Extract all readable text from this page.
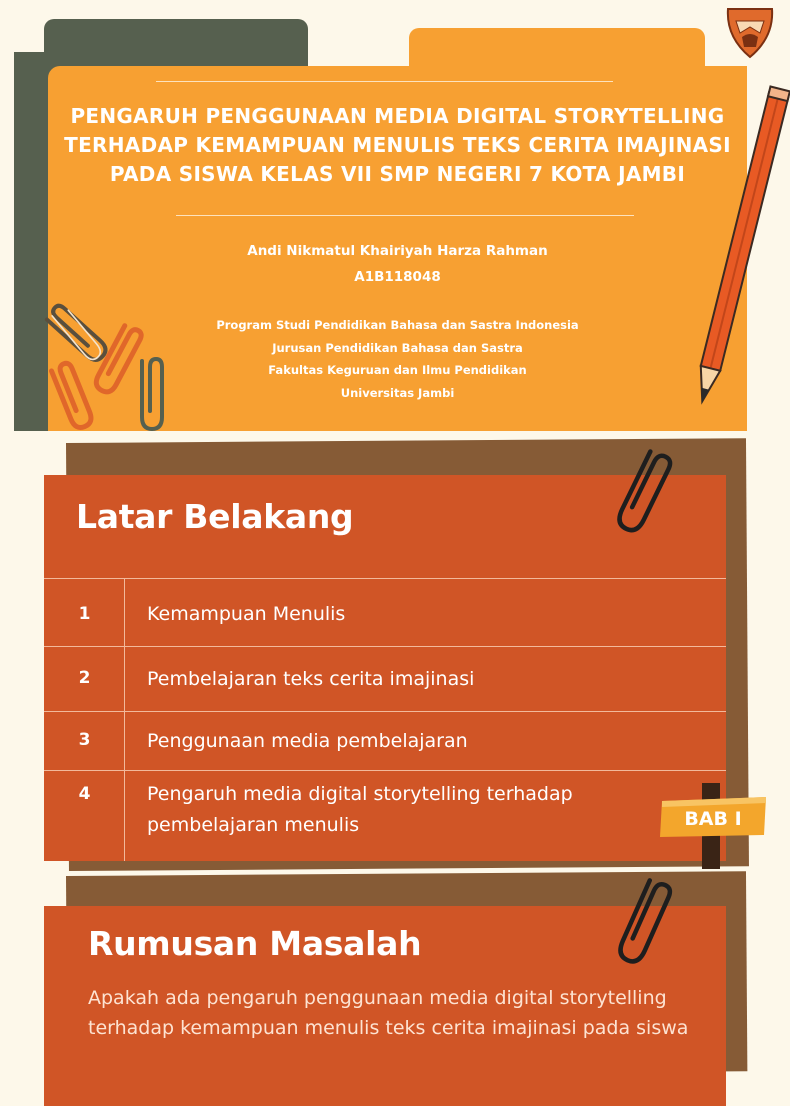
PENGARUH PENGGUNAAN MEDIA DIGITAL STORYTELLING
TERHADAP KEMAMPUAN MENULIS TEKS CERITA IMAJINASI
PADA SISWA KELAS VII SMP NEGERI 7 KOTA JAMBI
Andi Nikmatul Khairiyah Harza Rahman
A1B118048
Program Studi Pendidikan Bahasa dan Sastra Indonesia
Jurusan Pendidikan Bahasa dan Sastra
Fakultas Keguruan dan Ilmu Pendidikan
Universitas Jambi
Latar Belakang
1	Kemampuan Menulis
2	Pembelajaran teks cerita imajinasi
3	Penggunaan media pembelajaran
4	Pengaruh media digital storytelling terhadap pembelajaran menulis	BAB I
Rumusan Masalah

Apakah ada pengaruh penggunaan media digital storytelling terhadap kemampuan menulis teks cerita imajinasi pada siswa
